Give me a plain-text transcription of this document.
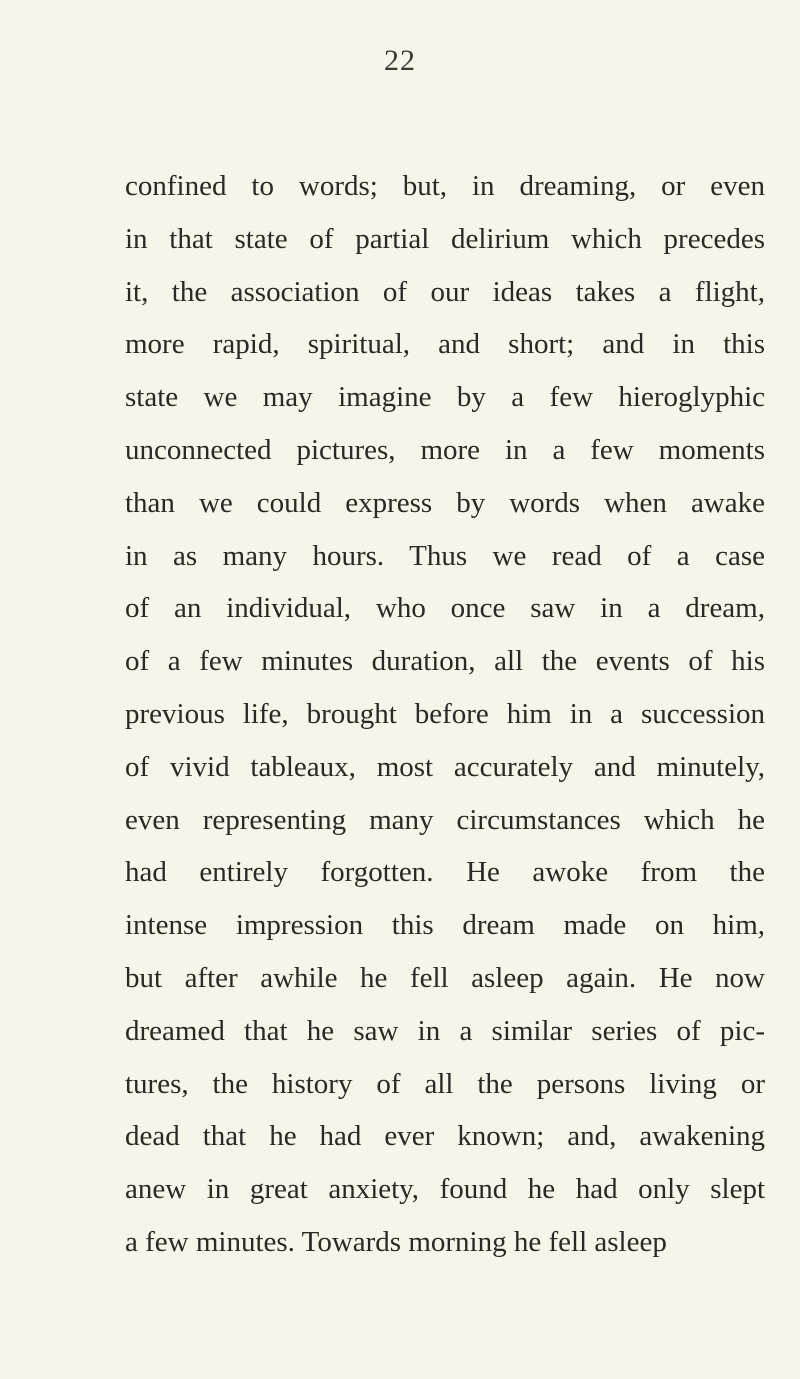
22
confined to words; but, in dreaming, or even
in that state of partial delirium which precedes
it, the association of our ideas takes a flight,
more rapid, spiritual, and short; and in this
state we may imagine by a few hieroglyphic
unconnected pictures, more in a few moments
than we could express by words when awake
in as many hours. Thus we read of a case
of an individual, who once saw in a dream,
of a few minutes duration, all the events of his
previous life, brought before him in a succession
of vivid tableaux, most accurately and minutely,
even representing many circumstances which he
had entirely forgotten. He awoke from the
intense impression this dream made on him,
but after awhile he fell asleep again. He now
dreamed that he saw in a similar series of pic-
tures, the history of all the persons living or
dead that he had ever known; and, awakening
anew in great anxiety, found he had only slept
a few minutes. Towards morning he fell asleep
